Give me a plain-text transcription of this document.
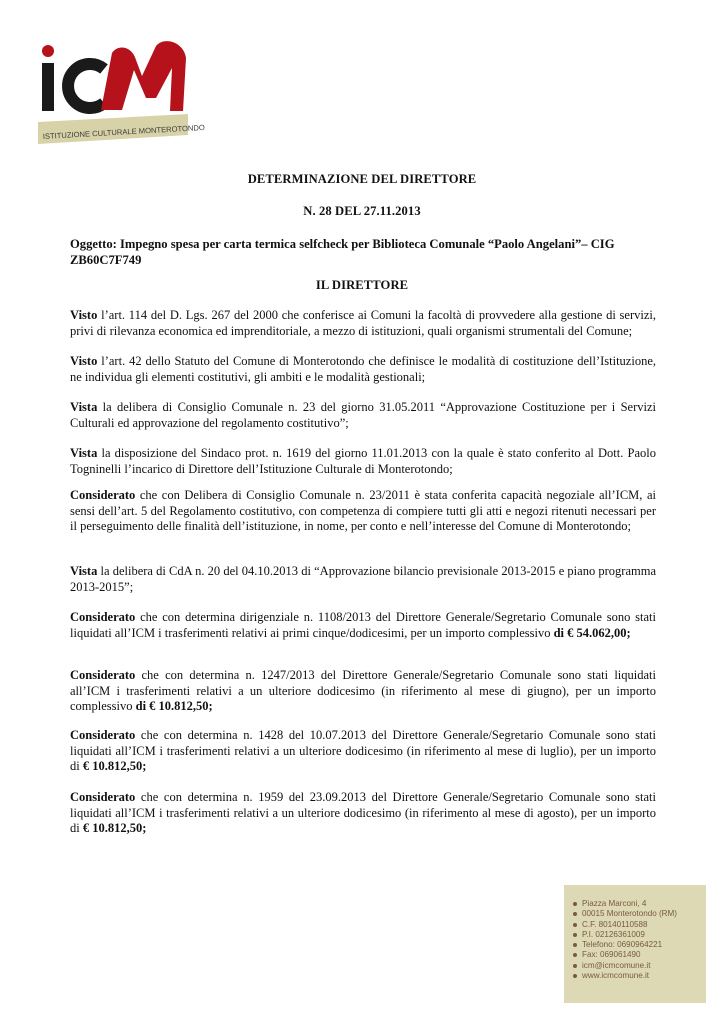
ISTITUZIONE CULTURALE MONTEROTONDO
DETERMINAZIONE DEL DIRETTORE
N. 28 DEL 27.11.2013
Oggetto: Impegno spesa per carta termica selfcheck per Biblioteca Comunale “Paolo Angelani”– CIG ZB60C7F749
IL DIRETTORE
Visto l’art. 114 del D. Lgs. 267 del 2000 che conferisce ai Comuni la facoltà di provvedere alla gestione di servizi, privi di rilevanza economica ed imprenditoriale, a mezzo di istituzioni, quali organismi strumentali del Comune;
Visto l’art. 42 dello Statuto del Comune di Monterotondo che definisce le modalità di costituzione dell’Istituzione, ne individua gli elementi costitutivi, gli ambiti e le modalità gestionali;
Vista la delibera di Consiglio Comunale n. 23 del giorno 31.05.2011 “Approvazione Costituzione per i Servizi Culturali ed approvazione del regolamento costitutivo”;
Vista la disposizione del Sindaco prot. n. 1619 del giorno 11.01.2013 con la quale è stato conferito al Dott. Paolo Togninelli l’incarico di Direttore dell’Istituzione Culturale di Monterotondo;
Considerato che con Delibera di Consiglio Comunale n. 23/2011 è stata conferita capacità negoziale all’ICM, ai sensi dell’art. 5 del Regolamento costitutivo, con competenza di compiere tutti gli atti e negozi ritenuti necessari per il perseguimento delle finalità dell’istituzione, in nome, per conto e nell’interesse del Comune di Monterotondo;
Vista la delibera di CdA n. 20 del 04.10.2013 di “Approvazione bilancio previsionale 2013-2015 e piano programma 2013-2015”;
Considerato che con determina dirigenziale n. 1108/2013 del Direttore Generale/Segretario Comunale sono stati liquidati all’ICM i trasferimenti relativi ai primi cinque/dodicesimi, per un importo complessivo di € 54.062,00;
Considerato che con determina n. 1247/2013 del Direttore Generale/Segretario Comunale sono stati liquidati all’ICM i trasferimenti relativi a un ulteriore dodicesimo (in riferimento al mese di giugno), per un importo complessivo di € 10.812,50;
Considerato che con determina n. 1428 del 10.07.2013 del Direttore Generale/Segretario Comunale sono stati liquidati all’ICM i trasferimenti relativi a un ulteriore dodicesimo (in riferimento al mese di luglio), per un importo di € 10.812,50;
Considerato che con determina n. 1959 del 23.09.2013 del Direttore Generale/Segretario Comunale sono stati liquidati all’ICM i trasferimenti relativi a un ulteriore dodicesimo (in riferimento al mese di agosto), per un importo di € 10.812,50;
Piazza Marconi, 4
00015 Monterotondo (RM)
C.F. 80140110588
P.I. 02126361009
Telefono: 0690964221
Fax: 069061490
icm@icmcomune.it
www.icmcomune.it
